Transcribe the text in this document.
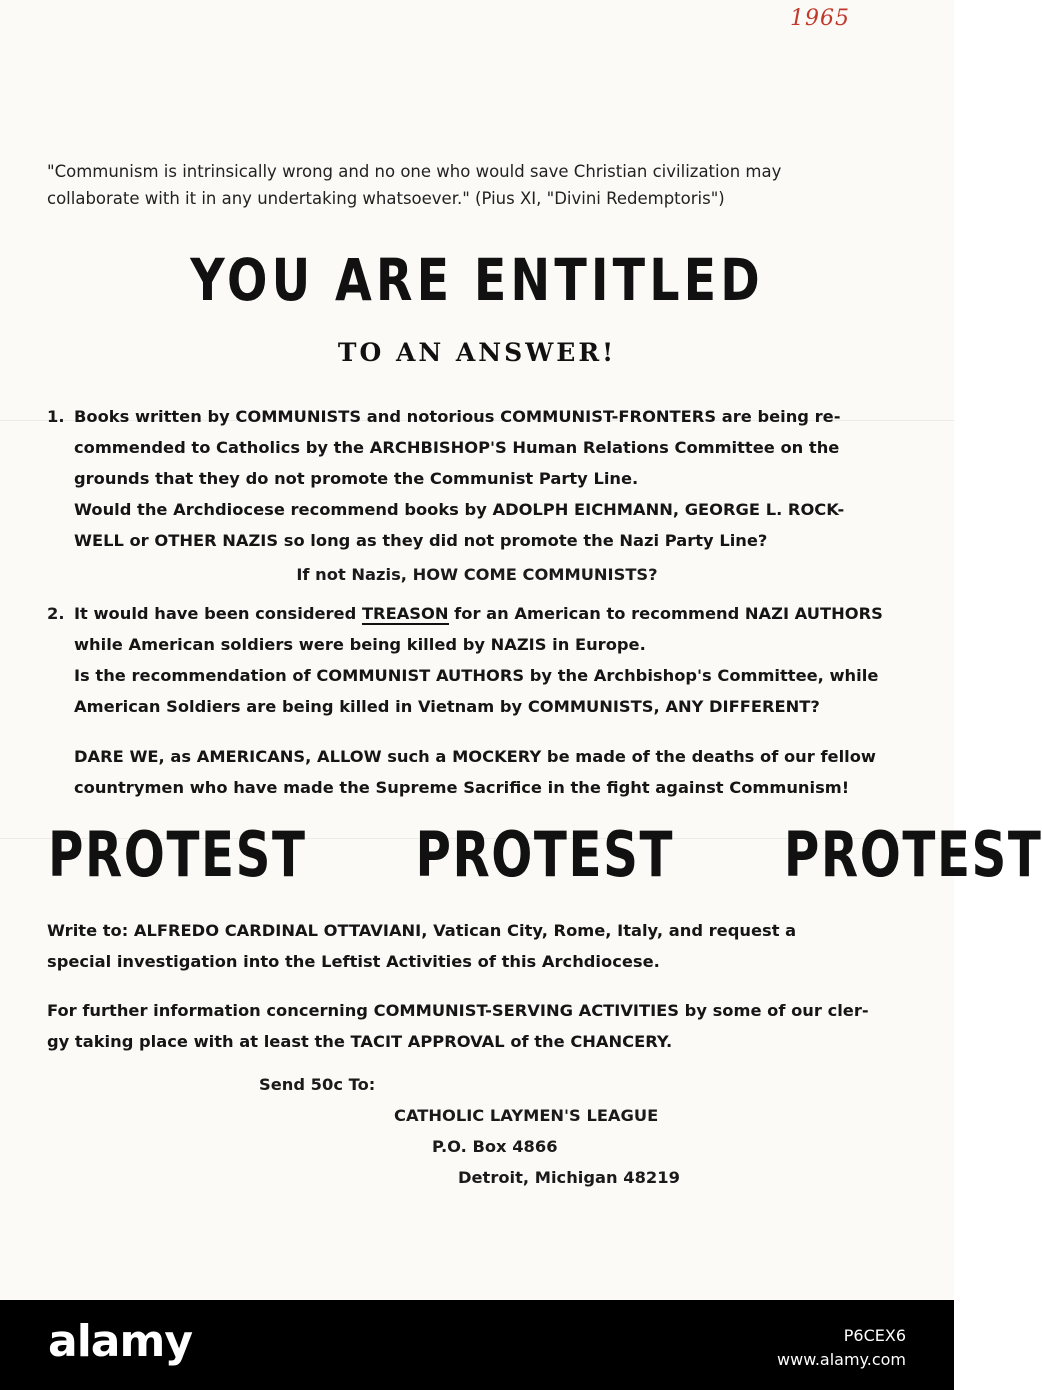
1965
"Communism is intrinsically wrong and no one who would save Christian civilization may
collaborate with it in any undertaking whatsoever." (Pius XI, "Divini Redemptoris")
YOU ARE ENTITLED
TO AN ANSWER!
1. Books written by COMMUNISTS and notorious COMMUNIST-FRONTERS are being re-
commended to Catholics by the ARCHBISHOP'S Human Relations Committee on the
grounds that they do not promote the Communist Party Line.
Would the Archdiocese recommend books by ADOLPH EICHMANN, GEORGE L. ROCK-
WELL or OTHER NAZIS so long as they did not promote the Nazi Party Line?
If not Nazis, HOW COME COMMUNISTS?
2. It would have been considered TREASON for an American to recommend NAZI AUTHORS
while American soldiers were being killed by NAZIS in Europe.
Is the recommendation of COMMUNIST AUTHORS by the Archbishop's Committee, while
American Soldiers are being killed in Vietnam by COMMUNISTS, ANY DIFFERENT?
DARE WE, as AMERICANS, ALLOW such a MOCKERY be made of the deaths of our fellow
countrymen who have made the Supreme Sacrifice in the fight against Communism!
PROTEST PROTEST PROTEST
Write to: ALFREDO CARDINAL OTTAVIANI, Vatican City, Rome, Italy, and request a
special investigation into the Leftist Activities of this Archdiocese.
For further information concerning COMMUNIST-SERVING ACTIVITIES by some of our cler-
gy taking place with at least the TACIT APPROVAL of the CHANCERY.
Send 50c To:
CATHOLIC LAYMEN'S LEAGUE
P.O. Box 4866
Detroit, Michigan 48219
alamy	P6CEX6
www.alamy.com
